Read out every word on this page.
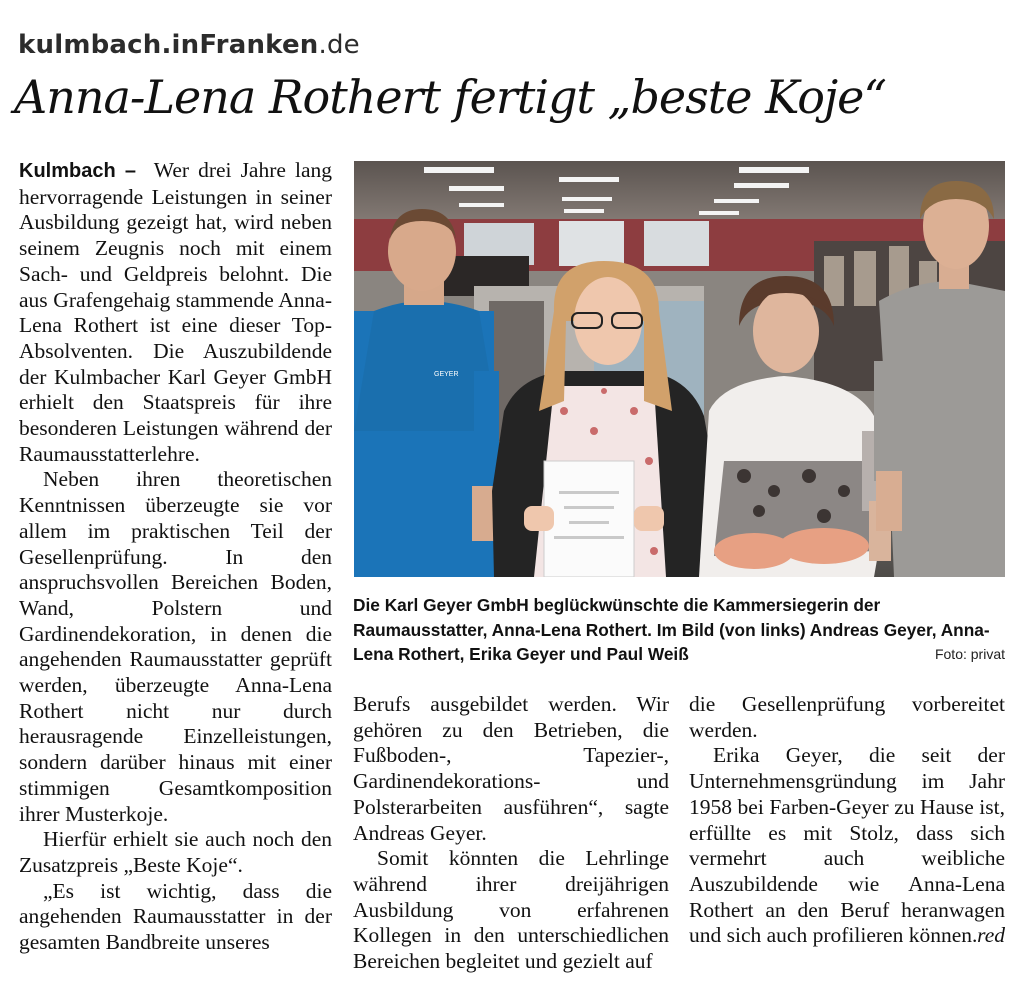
kulmbach.inFranken.de
Anna-Lena Rothert fertigt „beste Koje“

Kulmbach – Wer drei Jahre lang hervorragende Leistungen in seiner Ausbildung gezeigt hat, wird neben seinem Zeugnis noch mit einem Sach- und Geldpreis belohnt. Die aus Grafengehaig stammende Anna-Lena Rothert ist eine dieser Top-Absolventen. Die Auszubildende der Kulmbacher Karl Geyer GmbH erhielt den Staatspreis für ihre besonderen Leistungen während der Raumausstatterlehre.

Neben ihren theoretischen Kenntnissen überzeugte sie vor allem im praktischen Teil der Gesellenprüfung. In den anspruchsvollen Bereichen Boden, Wand, Polstern und Gardinendekoration, in denen die angehenden Raumausstatter geprüft werden, überzeugte Anna-Lena Rothert nicht nur durch herausragende Einzelleistungen, sondern darüber hinaus mit einer stimmigen Gesamtkomposition ihrer Musterkoje.

Hierfür erhielt sie auch noch den Zusatzpreis „Beste Koje“.

„Es ist wichtig, dass die angehenden Raumausstatter in der gesamten Bandbreite unseres

GEYER
Die Karl Geyer GmbH beglückwünschte die Kammersiegerin der Raumausstatter, Anna-Lena Rothert. Im Bild (von links) Andreas Geyer, Anna-Lena Rothert, Erika Geyer und Paul Weiß	Foto: privat

Berufs ausgebildet werden. Wir gehören zu den Betrieben, die Fußboden-, Tapezier-, Gardinendekorations- und Polsterarbeiten ausführen“, sagte Andreas Geyer.

Somit könnten die Lehrlinge während ihrer dreijährigen Ausbildung von erfahrenen Kollegen in den unterschiedlichen Bereichen begleitet und gezielt auf

die Gesellenprüfung vorbereitet werden.

Erika Geyer, die seit der Unternehmensgründung im Jahr 1958 bei Farben-Geyer zu Hause ist, erfüllte es mit Stolz, dass sich vermehrt auch weibliche Auszubildende wie Anna-Lena Rothert an den Beruf heranwagen und sich auch profilieren können. red
